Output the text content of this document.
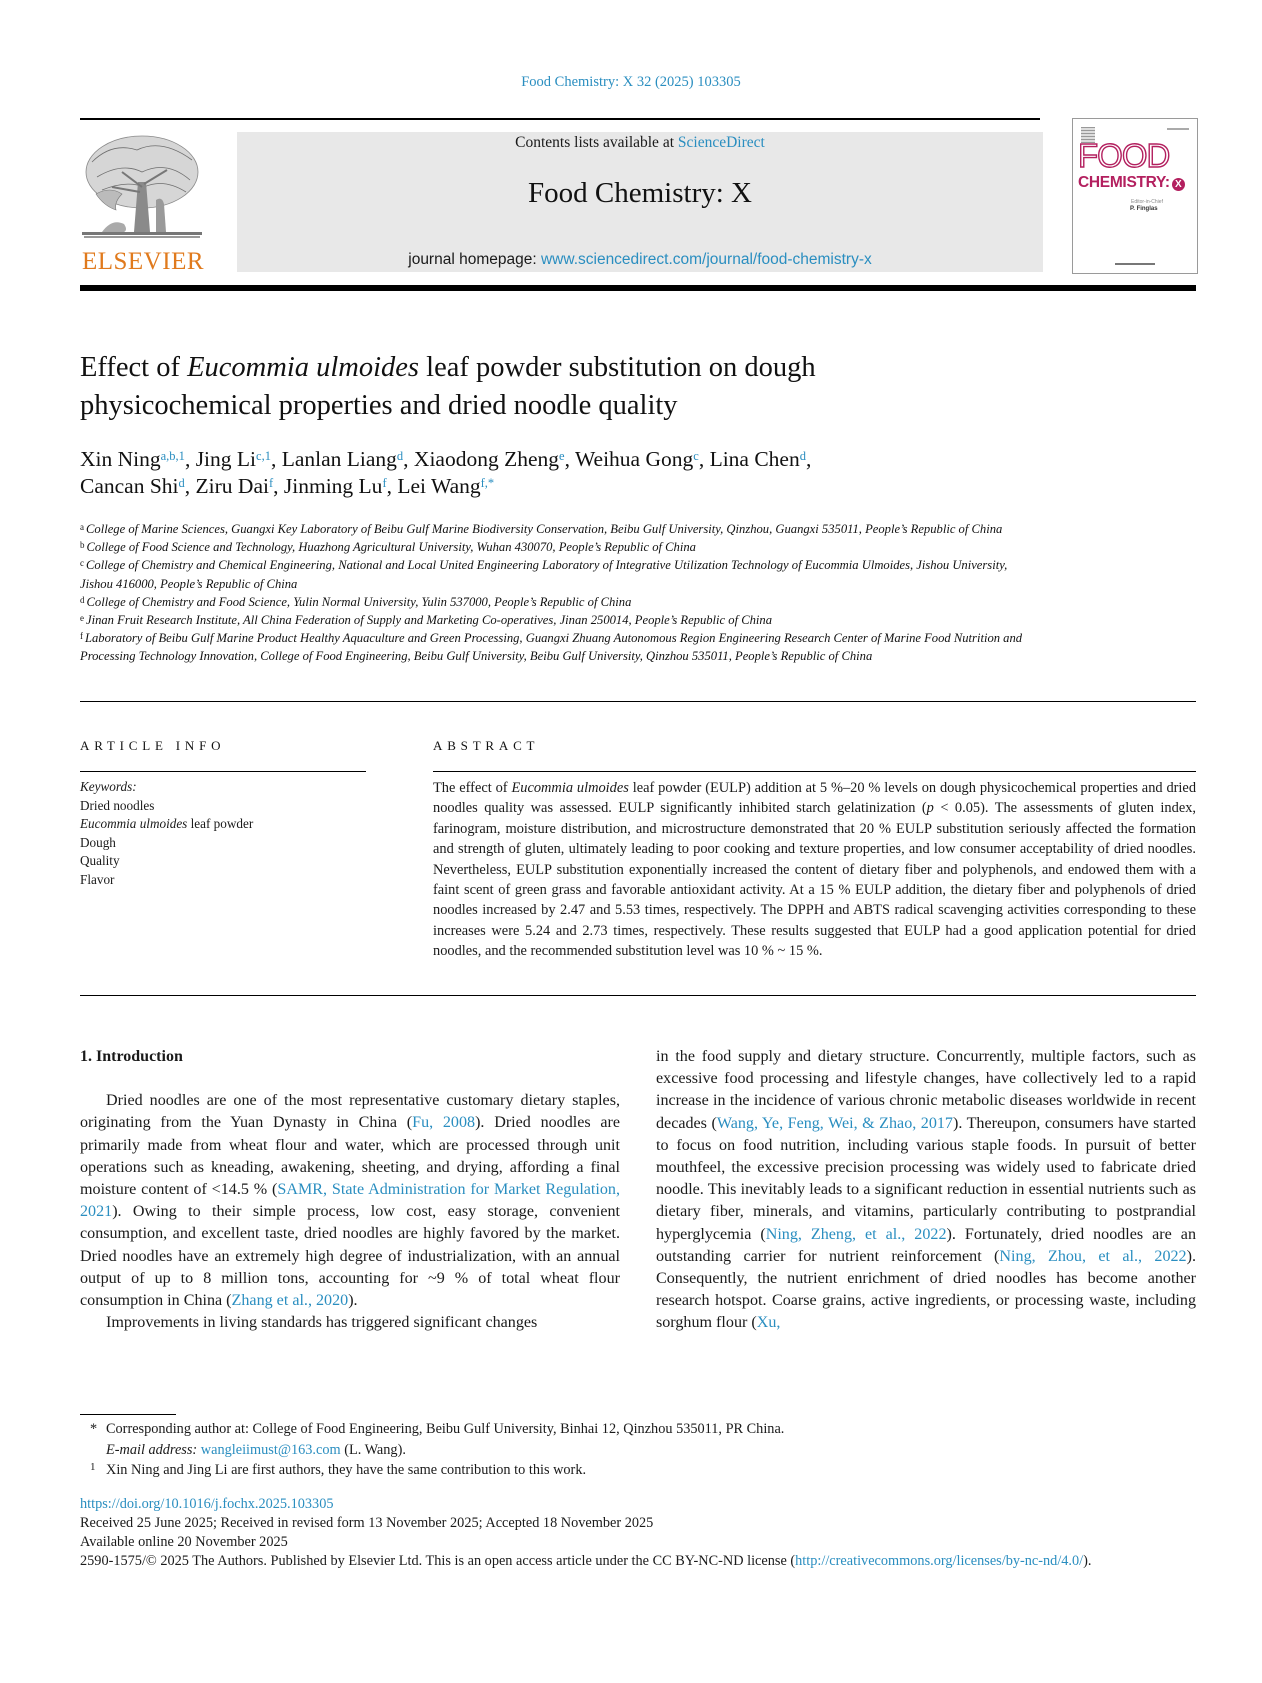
Food Chemistry: X 32 (2025) 103305
ELSEVIER
Contents lists available at ScienceDirect
Food Chemistry: X
journal homepage: www.sciencedirect.com/journal/food-chemistry-x
FOOD
CHEMISTRY: X
Editor-in-Chief
P. Finglas
Effect of Eucommia ulmoides leaf powder substitution on dough physicochemical properties and dried noodle quality
Xin Ning$^{a,b,1}$, Jing Li$^{c,1}$, Lanlan Liang$^d$, Xiaodong Zheng$^e$, Weihua Gong$^c$, Lina Chen$^d$,
Cancan Shi$^d$, Ziru Dai$^f$, Jinming Lu$^f$, Lei Wang$^{f,*}$
$^a$ College of Marine Sciences, Guangxi Key Laboratory of Beibu Gulf Marine Biodiversity Conservation, Beibu Gulf University, Qinzhou, Guangxi 535011, People’s Republic of China
$^b$ College of Food Science and Technology, Huazhong Agricultural University, Wuhan 430070, People’s Republic of China
$^c$ College of Chemistry and Chemical Engineering, National and Local United Engineering Laboratory of Integrative Utilization Technology of Eucommia Ulmoides, Jishou University, Jishou 416000, People’s Republic of China
$^d$ College of Chemistry and Food Science, Yulin Normal University, Yulin 537000, People’s Republic of China
$^e$ Jinan Fruit Research Institute, All China Federation of Supply and Marketing Co-operatives, Jinan 250014, People’s Republic of China
$^f$ Laboratory of Beibu Gulf Marine Product Healthy Aquaculture and Green Processing, Guangxi Zhuang Autonomous Region Engineering Research Center of Marine Food Nutrition and Processing Technology Innovation, College of Food Engineering, Beibu Gulf University, Beibu Gulf University, Qinzhou 535011, People’s Republic of China
ARTICLE INFO	ABSTRACT
Keywords:
Dried noodles
Eucommia ulmoides leaf powder
Dough
Quality
Flavor
The effect of Eucommia ulmoides leaf powder (EULP) addition at 5 %–20 % levels on dough physicochemical properties and dried noodles quality was assessed. EULP significantly inhibited starch gelatinization (p < 0.05). The assessments of gluten index, farinogram, moisture distribution, and microstructure demonstrated that 20 % EULP substitution seriously affected the formation and strength of gluten, ultimately leading to poor cooking and texture properties, and low consumer acceptability of dried noodles. Nevertheless, EULP substitution exponentially increased the content of dietary fiber and polyphenols, and endowed them with a faint scent of green grass and favorable antioxidant activity. At a 15 % EULP addition, the dietary fiber and polyphenols of dried noodles increased by 2.47 and 5.53 times, respectively. The DPPH and ABTS radical scavenging activities corresponding to these increases were 5.24 and 2.73 times, respectively. These results suggested that EULP had a good application potential for dried noodles, and the recommended substitution level was 10 % ~ 15 %.
1. Introduction

Dried noodles are one of the most representative customary dietary staples, originating from the Yuan Dynasty in China (Fu, 2008). Dried noodles are primarily made from wheat flour and water, which are processed through unit operations such as kneading, awakening, sheeting, and drying, affording a final moisture content of <14.5 % (SAMR, State Administration for Market Regulation, 2021). Owing to their simple process, low cost, easy storage, convenient consumption, and excellent taste, dried noodles are highly favored by the market. Dried noodles have an extremely high degree of industrialization, with an annual output of up to 8 million tons, accounting for ~9 % of total wheat flour consumption in China (Zhang et al., 2020).

Improvements in living standards has triggered significant changes

in the food supply and dietary structure. Concurrently, multiple factors, such as excessive food processing and lifestyle changes, have collectively led to a rapid increase in the incidence of various chronic metabolic diseases worldwide in recent decades (Wang, Ye, Feng, Wei, & Zhao, 2017). Thereupon, consumers have started to focus on food nutrition, including various staple foods. In pursuit of better mouthfeel, the excessive precision processing was widely used to fabricate dried noodle. This inevitably leads to a significant reduction in essential nutrients such as dietary fiber, minerals, and vitamins, particularly contributing to postprandial hyperglycemia (Ning, Zheng, et al., 2022). Fortunately, dried noodles are an outstanding carrier for nutrient reinforcement (Ning, Zhou, et al., 2022). Consequently, the nutrient enrichment of dried noodles has become another research hotspot. Coarse grains, active ingredients, or processing waste, including sorghum flour (Xu,

* Corresponding author at: College of Food Engineering, Beibu Gulf University, Binhai 12, Qinzhou 535011, PR China.
E-mail address: wangleiimust@163.com (L. Wang).
1 Xin Ning and Jing Li are first authors, they have the same contribution to this work.
https://doi.org/10.1016/j.fochx.2025.103305
Received 25 June 2025; Received in revised form 13 November 2025; Accepted 18 November 2025
Available online 20 November 2025
2590-1575/© 2025 The Authors. Published by Elsevier Ltd. This is an open access article under the CC BY-NC-ND license (http://creativecommons.org/licenses/by-nc-nd/4.0/).
